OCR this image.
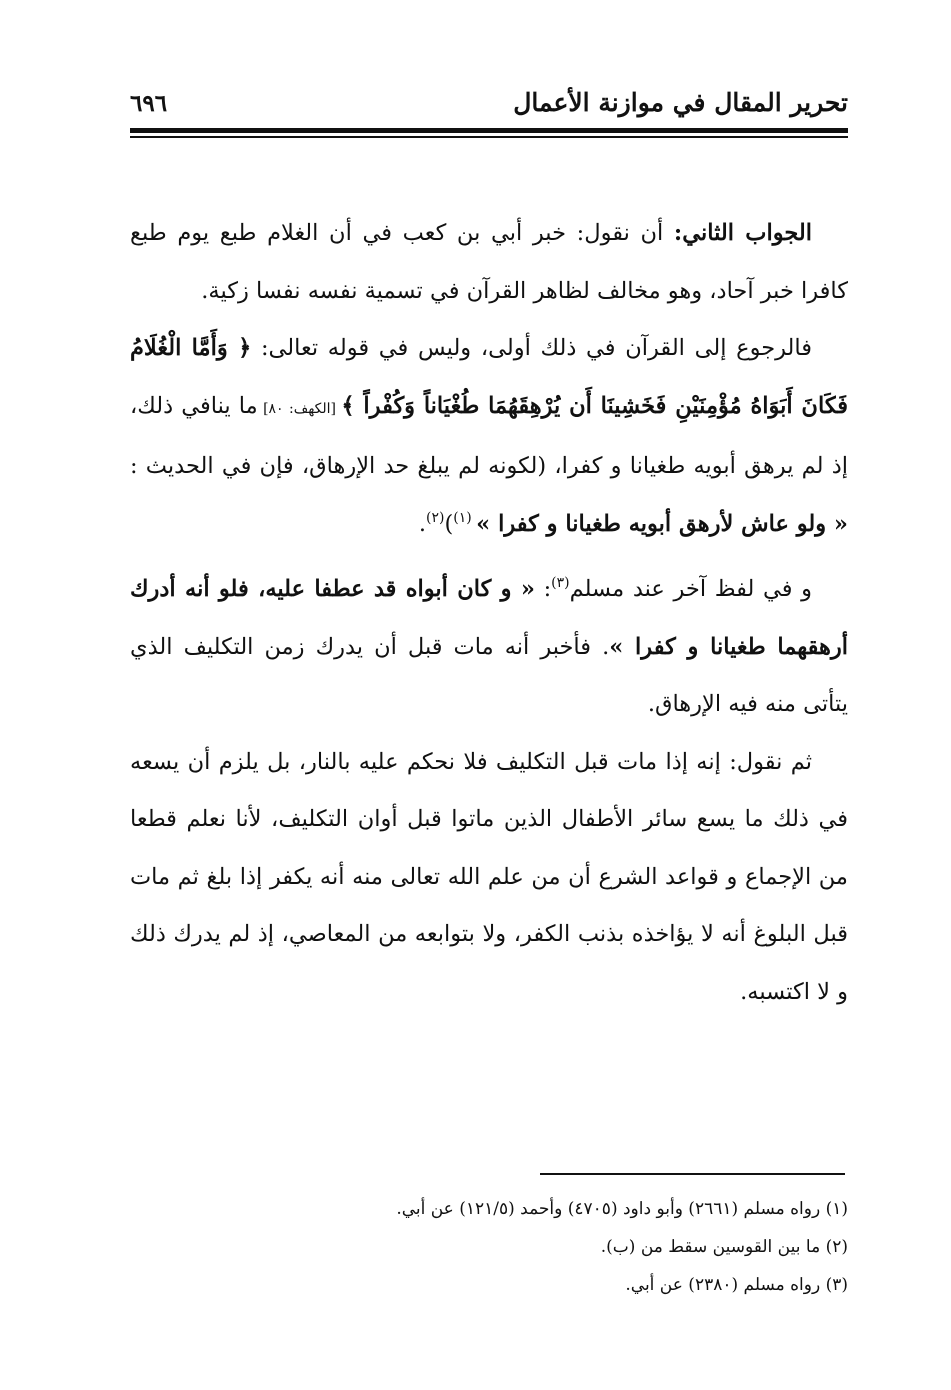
تحرير المقال في موازنة الأعمال
٦٩٦

الجواب الثاني: أن نقول: خبر أبي بن كعب في أن الغلام طبع يوم طبع كافرا خبر آحاد، وهو مخالف لظاهر القرآن في تسمية نفسه نفسا زكية.

فالرجوع إلى القرآن في ذلك أولى، وليس في قوله تعالى: ﴿ وَأَمَّا الْغُلَامُ فَكَانَ أَبَوَاهُ مُؤْمِنَيْنِ فَخَشِينَا أَن يُرْهِقَهُمَا طُغْيَاناً وَكُفْراً ﴾ [الكهف: ٨٠] ما ينافي ذلك، إذ لم يرهق أبويه طغيانا و كفرا، (لكونه لم يبلغ حد الإرهاق، فإن في الحديث : « ولو عاش لأرهق أبويه طغيانا و كفرا » $^{(١)}$)$^{(٢)}$.

و في لفظ آخر عند مسلم$^{(٣)}$: « و كان أبواه قد عطفا عليه، فلو أنه أدرك أرهقهما طغيانا و كفرا ». فأخبر أنه مات قبل أن يدرك زمن التكليف الذي يتأتى منه فيه الإرهاق.

ثم نقول: إنه إذا مات قبل التكليف فلا نحكم عليه بالنار، بل يلزم أن يسعه في ذلك ما يسع سائر الأطفال الذين ماتوا قبل أوان التكليف، لأنا نعلم قطعا من الإجماع و قواعد الشرع أن من علم الله تعالى منه أنه يكفر إذا بلغ ثم مات قبل البلوغ أنه لا يؤاخذه بذنب الكفر، ولا بتوابعه من المعاصي، إذ لم يدرك ذلك و لا اكتسبه.

(١) رواه مسلم (٢٦٦١) وأبو داود (٤٧٠٥) وأحمد (١٢١/٥) عن أبي.

(٢) ما بين القوسين سقط من (ب).

(٣) رواه مسلم (٢٣٨٠) عن أبي.
